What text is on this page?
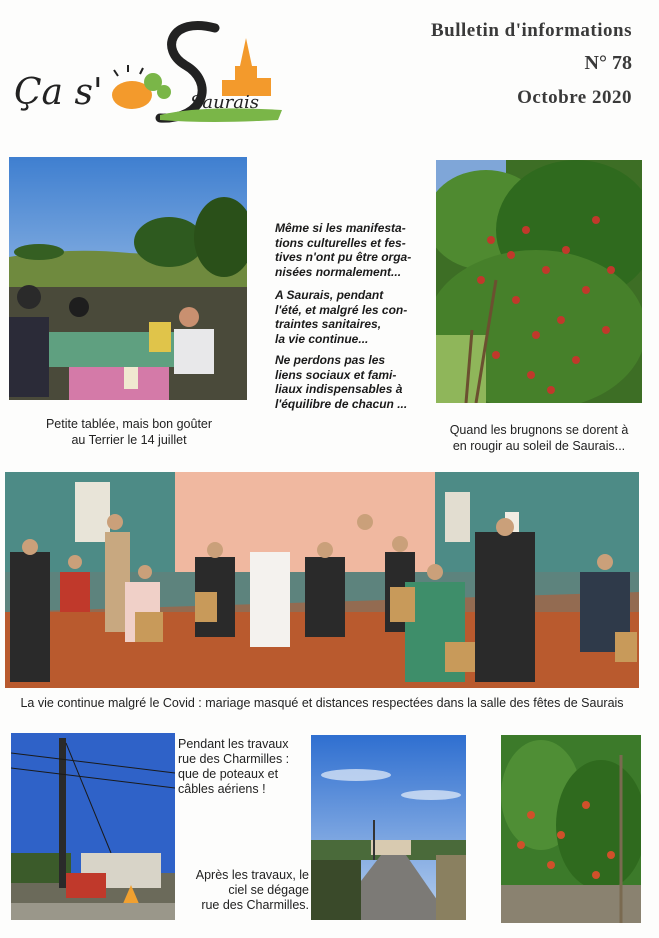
Ça s'	Saurais
Bulletin d'informations
N° 78
Octobre 2020
Même si les manifesta-
tions culturelles et fes-
tives n'ont pu être orga-
nisées normalement...
A Saurais, pendant
l'été, et malgré les con-
traintes sanitaires,
la vie continue...
Ne perdons pas les
liens sociaux et fami-
liaux indispensables à
l'équilibre de chacun ...
Petite tablée, mais bon goûter
au Terrier le 14 juillet
Quand les brugnons se dorent à
en rougir au soleil de Saurais...
La vie continue malgré le Covid : mariage masqué et distances respectées dans la salle des fêtes de Saurais
Pendant les travaux
rue des Charmilles :
que de poteaux et
câbles aériens !
Après les travaux, le
ciel se dégage
rue des Charmilles.
